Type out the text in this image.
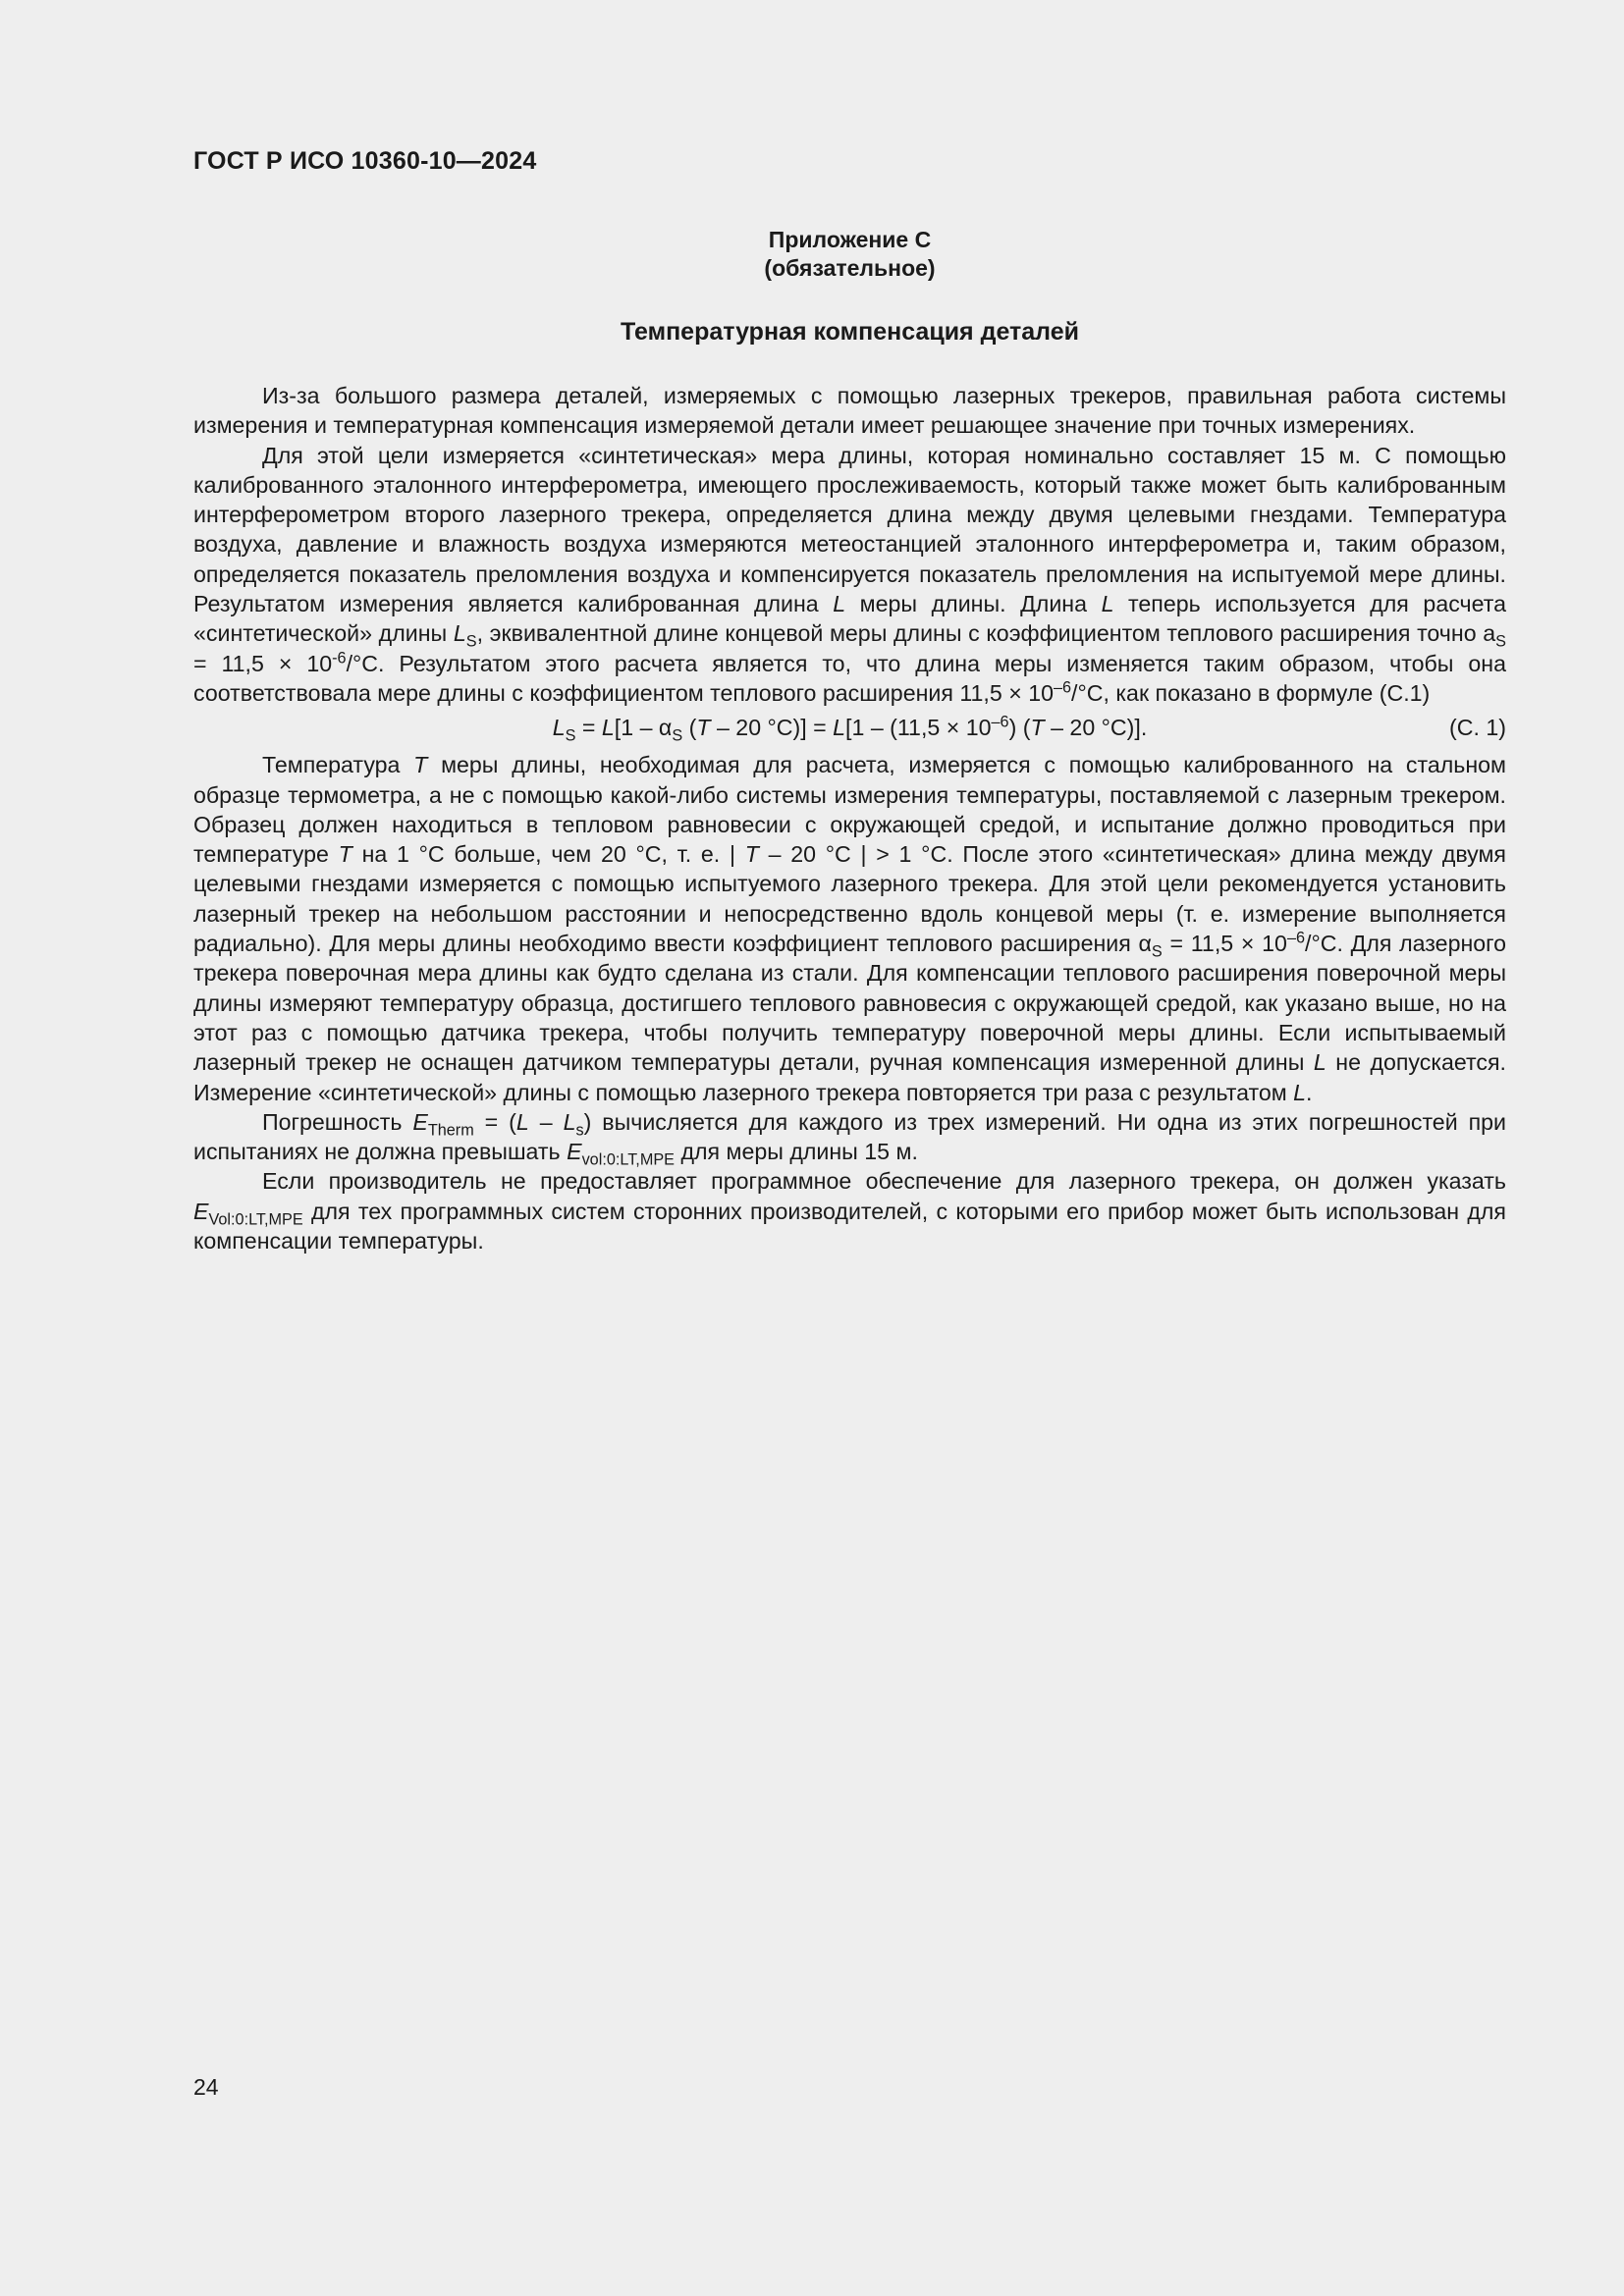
ГОСТ Р ИСО 10360-10—2024
Приложение С
(обязательное)
Температурная компенсация деталей

Из-за большого размера деталей, измеряемых с помощью лазерных трекеров, правильная работа системы измерения и температурная компенсация измеряемой детали имеет решающее значение при точных измерениях.

Для этой цели измеряется «синтетическая» мера длины, которая номинально составляет 15 м. С помощью калиброванного эталонного интерферометра, имеющего прослеживаемость, который также может быть калиброванным интерферометром второго лазерного трекера, определяется длина между двумя целевыми гнездами. Температура воздуха, давление и влажность воздуха измеряются метеостанцией эталонного интерферометра и, таким образом, определяется показатель преломления воздуха и компенсируется показатель преломления на испытуемой мере длины. Результатом измерения является калиброванная длина L меры длины. Длина L теперь используется для расчета «синтетической» длины $L_S$, эквивалентной длине концевой меры длины с коэффициентом теплового расширения точно $a_S = 11,5 \times 10^{-6}/^\circ С$. Результатом этого расчета является то, что длина меры изменяется таким образом, чтобы она соответствовала мере длины с коэффициентом теплового расширения $11,5 \times 10^{-6}/^\circ С$, как показано в формуле (С.1)

$L_S = L[1 - \alpha_S$ (T – 20 $^\circ С)] = L[1 - (11,5 \times 10^{-6})$ (T – 20 °С)].	(С. 1)

Температура Т меры длины, необходимая для расчета, измеряется с помощью калиброванного на стальном образце термометра, а не с помощью какой-либо системы измерения температуры, поставляемой с лазерным трекером. Образец должен находиться в тепловом равновесии с окружающей средой, и испытание должно проводиться при температуре Т на 1 °С больше, чем 20 °С, т. е. | Т – 20 °С | > 1 °С. После этого «синтетическая» длина между двумя целевыми гнездами измеряется с помощью испытуемого лазерного трекера. Для этой цели рекомендуется установить лазерный трекер на небольшом расстоянии и непосредственно вдоль концевой меры (т. е. измерение выполняется радиально). Для меры длины необходимо ввести коэффициент теплового расширения $\alpha_S = 11,5 \times 10^{-6}/^\circ С$. Для лазерного трекера поверочная мера длины как будто сделана из стали. Для компенсации теплового расширения поверочной меры длины измеряют температуру образца, достигшего теплового равновесия с окружающей средой, как указано выше, но на этот раз с помощью датчика трекера, чтобы получить температуру поверочной меры длины. Если испытываемый лазерный трекер не оснащен датчиком температуры детали, ручная компенсация измеренной длины L не допускается. Измерение «синтетической» длины с помощью лазерного трекера повторяется три раза с результатом L.

Погрешность $E_{Therm} = (L - L_s)$ вычисляется для каждого из трех измерений. Ни одна из этих погрешностей при испытаниях не должна превышать $E_{vol:0:LT,MPE}$ для меры длины 15 м.

Если производитель не предоставляет программное обеспечение для лазерного трекера, он должен указать $E_{Vol:0:LT,MPE}$ для тех программных систем сторонних производителей, с которыми его прибор может быть использован для компенсации температуры.

24
